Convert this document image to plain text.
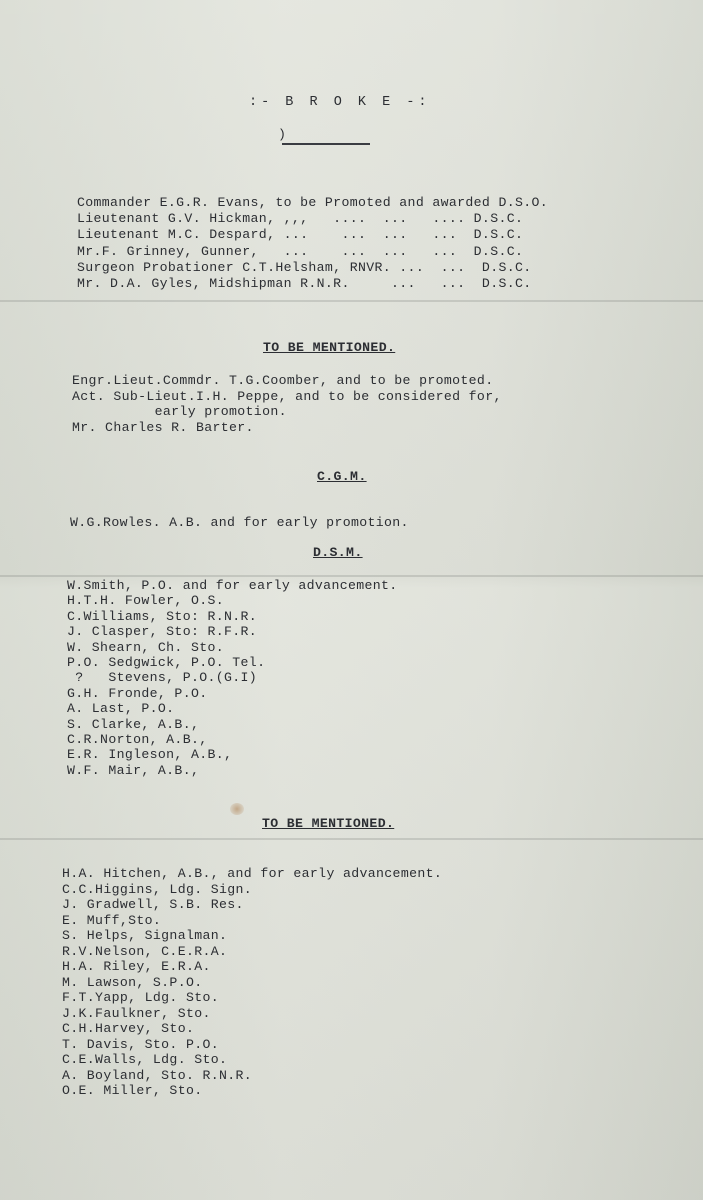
:- B R O K E -:
)
Commander E.G.R. Evans, to be Promoted and awarded D.S.O.
Lieutenant G.V. Hickman, ,,,   ....  ...   .... D.S.C.
Lieutenant M.C. Despard, ...    ...  ...   ...  D.S.C.
Mr.F. Grinney, Gunner,   ...    ...  ...   ...  D.S.C.
Surgeon Probationer C.T.Helsham, RNVR. ...  ...  D.S.C.
Mr. D.A. Gyles, Midshipman R.N.R.     ...   ...  D.S.C.
TO BE MENTIONED.
Engr.Lieut.Commdr. T.G.Coomber, and to be promoted.
Act. Sub-Lieut.I.H. Peppe, and to be considered for,
early promotion.
Mr. Charles R. Barter.
C.G.M.
W.G.Rowles. A.B. and for early promotion.
D.S.M.
W.Smith, P.O. and for early advancement.
H.T.H. Fowler, O.S.
C.Williams, Sto: R.N.R.
J. Clasper, Sto: R.F.R.
W. Shearn, Ch. Sto.
P.O. Sedgwick, P.O. Tel.
?   Stevens, P.O.(G.I)
G.H. Fronde, P.O.
A. Last, P.O.
S. Clarke, A.B.,
C.R.Norton, A.B.,
E.R. Ingleson, A.B.,
W.F. Mair, A.B.,
TO BE MENTIONED.
H.A. Hitchen, A.B., and for early advancement.
C.C.Higgins, Ldg. Sign.
J. Gradwell, S.B. Res.
E. Muff,Sto.
S. Helps, Signalman.
R.V.Nelson, C.E.R.A.
H.A. Riley, E.R.A.
M. Lawson, S.P.O.
F.T.Yapp, Ldg. Sto.
J.K.Faulkner, Sto.
C.H.Harvey, Sto.
T. Davis, Sto. P.O.
C.E.Walls, Ldg. Sto.
A. Boyland, Sto. R.N.R.
O.E. Miller, Sto.
